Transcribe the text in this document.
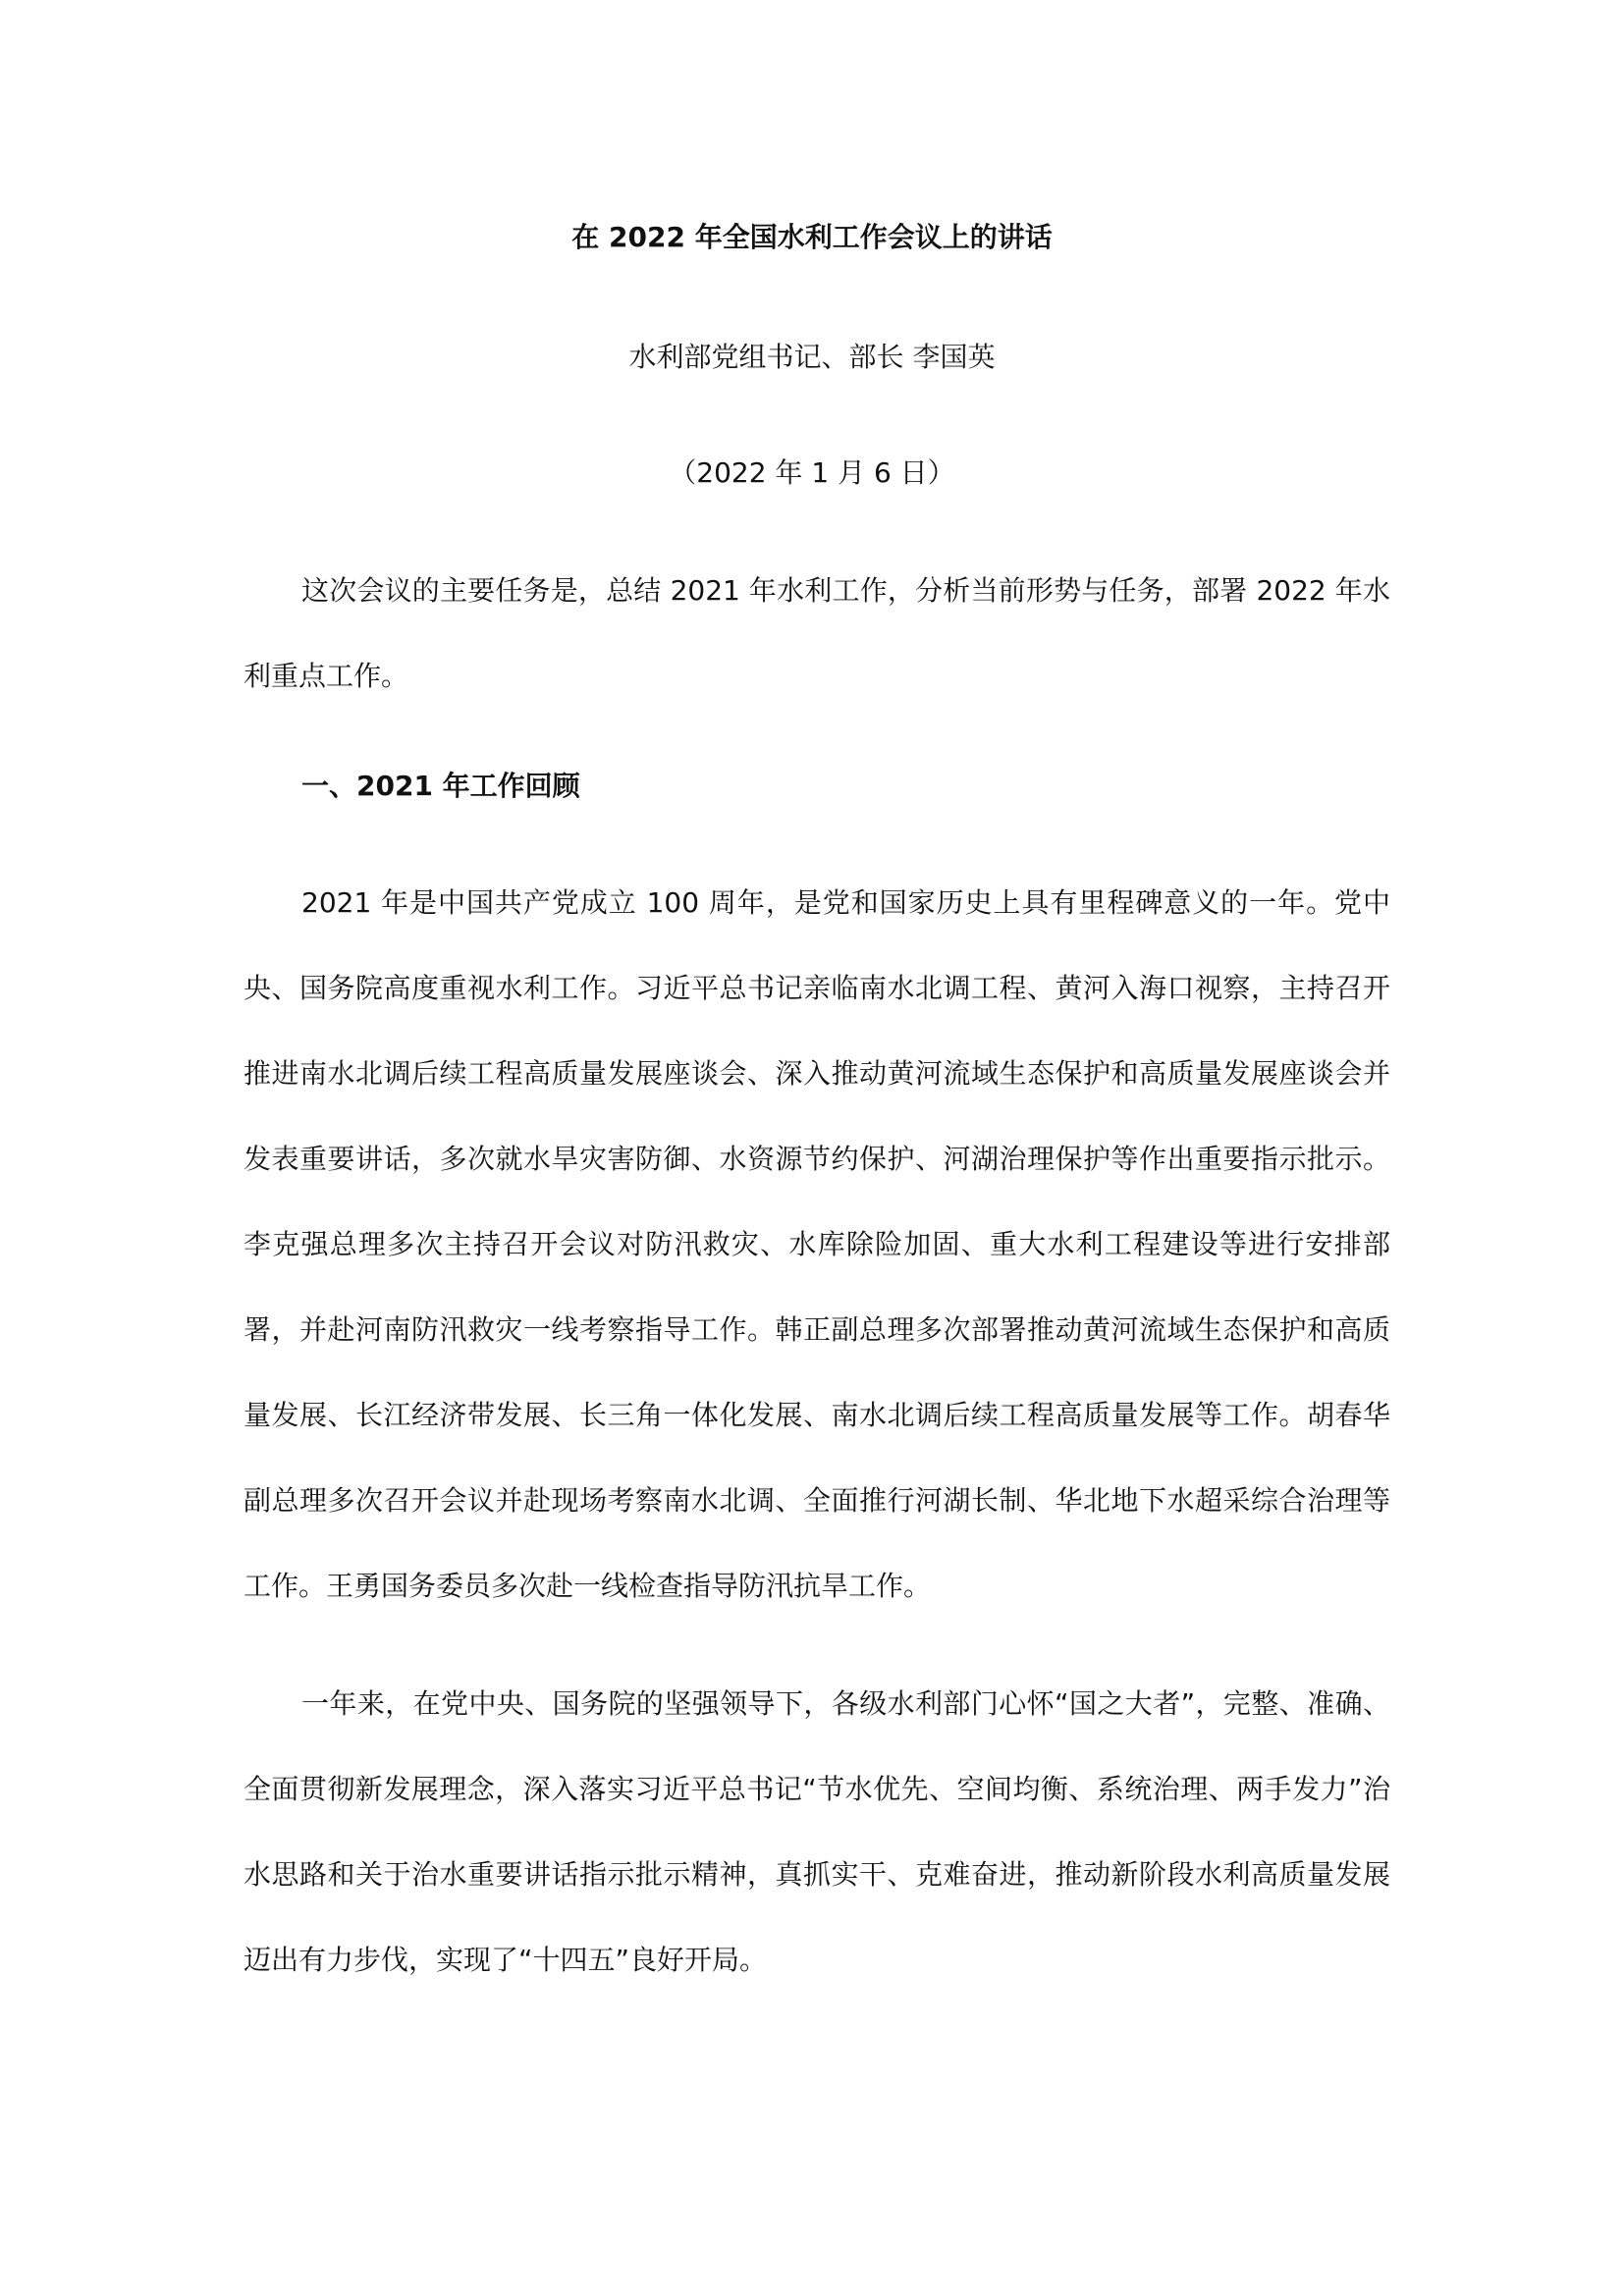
在 2022 年全国水利工作会议上的讲话
水利部党组书记、部长 李国英
（2022 年 1 月 6 日）

这次会议的主要任务是，总结 2021 年水利工作，分析当前形势与任务，部署 2022 年水利重点工作。

一、2021 年工作回顾

2021 年是中国共产党成立 100 周年，是党和国家历史上具有里程碑意义的一年。党中央、国务院高度重视水利工作。习近平总书记亲临南水北调工程、黄河入海口视察，主持召开推进南水北调后续工程高质量发展座谈会、深入推动黄河流域生态保护和高质量发展座谈会并发表重要讲话，多次就水旱灾害防御、水资源节约保护、河湖治理保护等作出重要指示批示。李克强总理多次主持召开会议对防汛救灾、水库除险加固、重大水利工程建设等进行安排部署，并赴河南防汛救灾一线考察指导工作。韩正副总理多次部署推动黄河流域生态保护和高质量发展、长江经济带发展、长三角一体化发展、南水北调后续工程高质量发展等工作。胡春华副总理多次召开会议并赴现场考察南水北调、全面推行河湖长制、华北地下水超采综合治理等工作。王勇国务委员多次赴一线检查指导防汛抗旱工作。

一年来，在党中央、国务院的坚强领导下，各级水利部门心怀“国之大者”，完整、准确、全面贯彻新发展理念，深入落实习近平总书记“节水优先、空间均衡、系统治理、两手发力”治水思路和关于治水重要讲话指示批示精神，真抓实干、克难奋进，推动新阶段水利高质量发展迈出有力步伐，实现了“十四五”良好开局。
